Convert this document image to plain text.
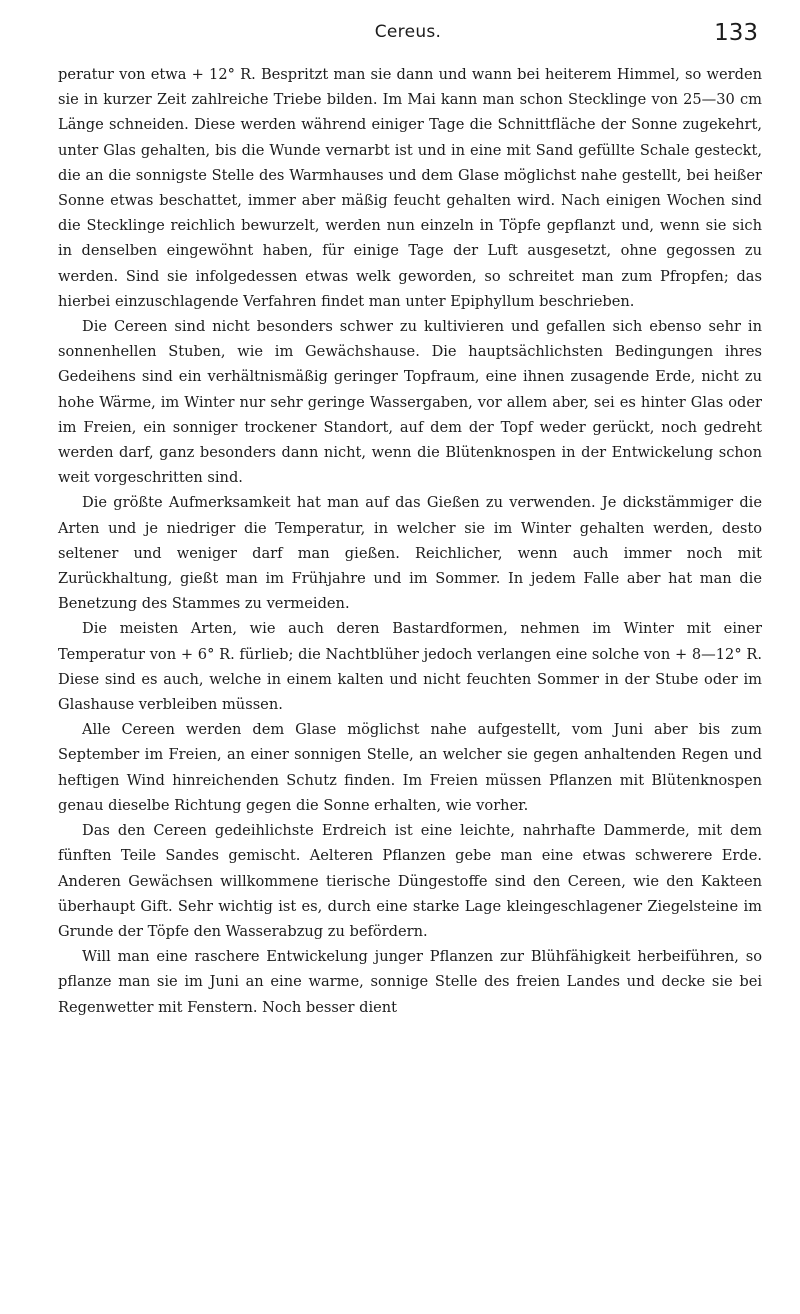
Cereus.	133

peratur von etwa + 12° R. Bespritzt man sie dann und wann bei heiterem Himmel, so werden sie in kurzer Zeit zahlreiche Triebe bilden. Im Mai kann man schon Stecklinge von 25—30 cm Länge schneiden. Diese werden während einiger Tage die Schnittfläche der Sonne zugekehrt, unter Glas gehalten, bis die Wunde vernarbt ist und in eine mit Sand gefüllte Schale gesteckt, die an die sonnigste Stelle des Warmhauses und dem Glase möglichst nahe gestellt, bei heißer Sonne etwas beschattet, immer aber mäßig feucht gehalten wird. Nach einigen Wochen sind die Stecklinge reichlich bewurzelt, werden nun einzeln in Töpfe gepflanzt und, wenn sie sich in denselben eingewöhnt haben, für einige Tage der Luft ausgesetzt, ohne gegossen zu werden. Sind sie infolgedessen etwas welk geworden, so schreitet man zum Pfropfen; das hierbei einzuschlagende Verfahren findet man unter Epiphyllum beschrieben.

Die Cereen sind nicht besonders schwer zu kultivieren und gefallen sich ebenso sehr in sonnenhellen Stuben, wie im Gewächshause. Die hauptsächlichsten Bedingungen ihres Gedeihens sind ein verhältnismäßig geringer Topfraum, eine ihnen zusagende Erde, nicht zu hohe Wärme, im Winter nur sehr geringe Wassergaben, vor allem aber, sei es hinter Glas oder im Freien, ein sonniger trockener Standort, auf dem der Topf weder gerückt, noch gedreht werden darf, ganz besonders dann nicht, wenn die Blütenknospen in der Entwickelung schon weit vorgeschritten sind.

Die größte Aufmerksamkeit hat man auf das Gießen zu verwenden. Je dickstämmiger die Arten und je niedriger die Temperatur, in welcher sie im Winter gehalten werden, desto seltener und weniger darf man gießen. Reichlicher, wenn auch immer noch mit Zurückhaltung, gießt man im Frühjahre und im Sommer. In jedem Falle aber hat man die Benetzung des Stammes zu vermeiden.

Die meisten Arten, wie auch deren Bastardformen, nehmen im Winter mit einer Temperatur von + 6° R. fürlieb; die Nachtblüher jedoch verlangen eine solche von + 8—12° R. Diese sind es auch, welche in einem kalten und nicht feuchten Sommer in der Stube oder im Glashause verbleiben müssen.

Alle Cereen werden dem Glase möglichst nahe aufgestellt, vom Juni aber bis zum September im Freien, an einer sonnigen Stelle, an welcher sie gegen anhaltenden Regen und heftigen Wind hinreichenden Schutz finden. Im Freien müssen Pflanzen mit Blütenknospen genau dieselbe Richtung gegen die Sonne erhalten, wie vorher.

Das den Cereen gedeihlichste Erdreich ist eine leichte, nahrhafte Dammerde, mit dem fünften Teile Sandes gemischt. Aelteren Pflanzen gebe man eine etwas schwerere Erde. Anderen Gewächsen willkommene tierische Düngestoffe sind den Cereen, wie den Kakteen überhaupt Gift. Sehr wichtig ist es, durch eine starke Lage kleingeschlagener Ziegelsteine im Grunde der Töpfe den Wasserabzug zu befördern.

Will man eine raschere Entwickelung junger Pflanzen zur Blühfähigkeit herbeiführen, so pflanze man sie im Juni an eine warme, sonnige Stelle des freien Landes und decke sie bei Regenwetter mit Fenstern. Noch besser dient
